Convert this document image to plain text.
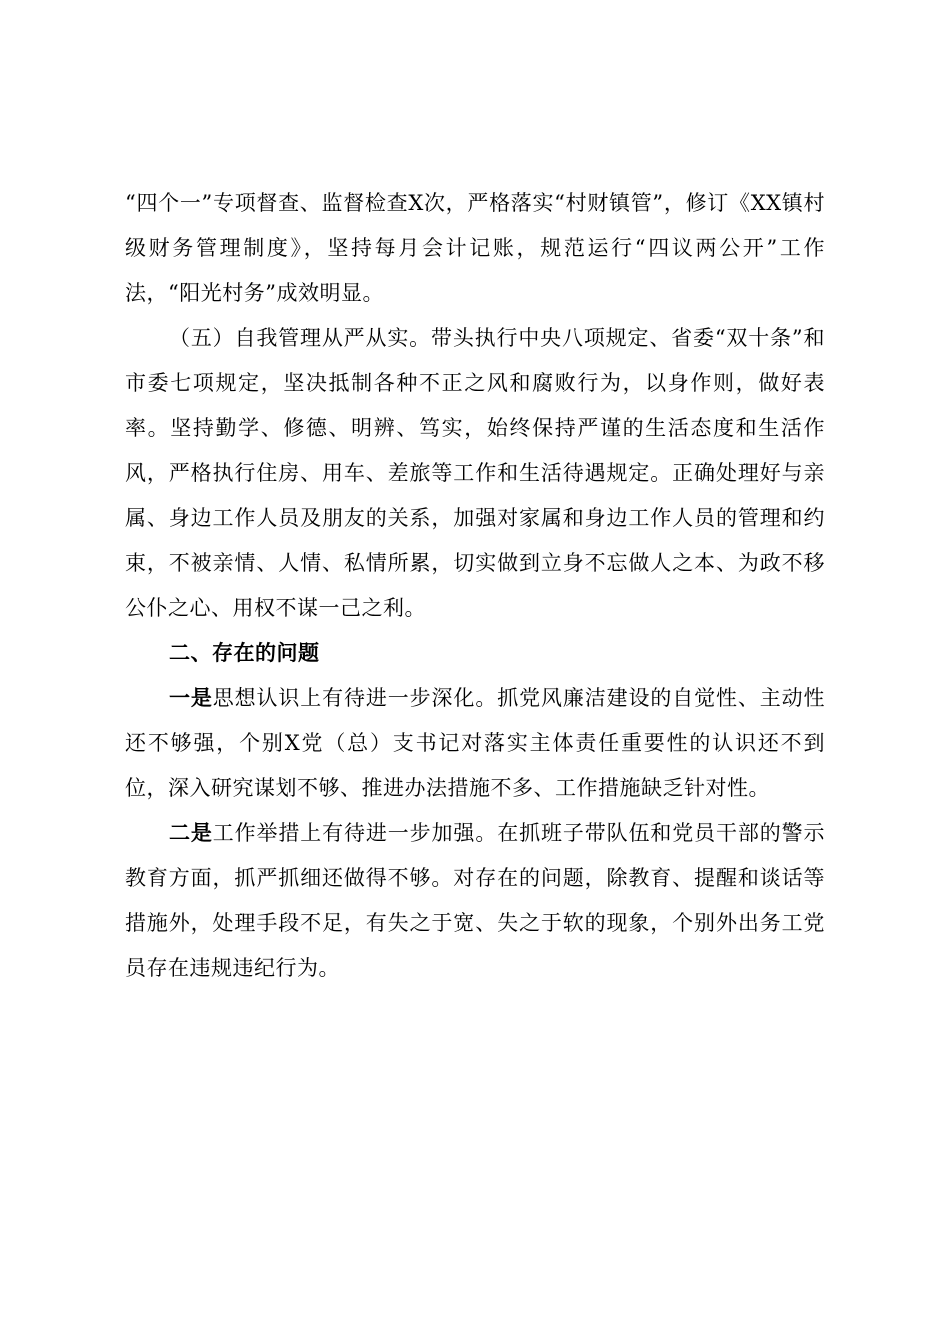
“四个一”专项督查、监督检查X次，严格落实“村财镇管”，修订《XX镇村级财务管理制度》，坚持每月会计记账，规范运行“四议两公开”工作法，“阳光村务”成效明显。

（五）自我管理从严从实。带头执行中央八项规定、省委“双十条”和市委七项规定，坚决抵制各种不正之风和腐败行为，以身作则，做好表率。坚持勤学、修德、明辨、笃实，始终保持严谨的生活态度和生活作风，严格执行住房、用车、差旅等工作和生活待遇规定。正确处理好与亲属、身边工作人员及朋友的关系，加强对家属和身边工作人员的管理和约束，不被亲情、人情、私情所累，切实做到立身不忘做人之本、为政不移公仆之心、用权不谋一己之利。

二、存在的问题

一是思想认识上有待进一步深化。抓党风廉洁建设的自觉性、主动性还不够强，个别X党（总）支书记对落实主体责任重要性的认识还不到位，深入研究谋划不够、推进办法措施不多、工作措施缺乏针对性。

二是工作举措上有待进一步加强。在抓班子带队伍和党员干部的警示教育方面，抓严抓细还做得不够。对存在的问题，除教育、提醒和谈话等措施外，处理手段不足，有失之于宽、失之于软的现象，个别外出务工党员存在违规违纪行为。
